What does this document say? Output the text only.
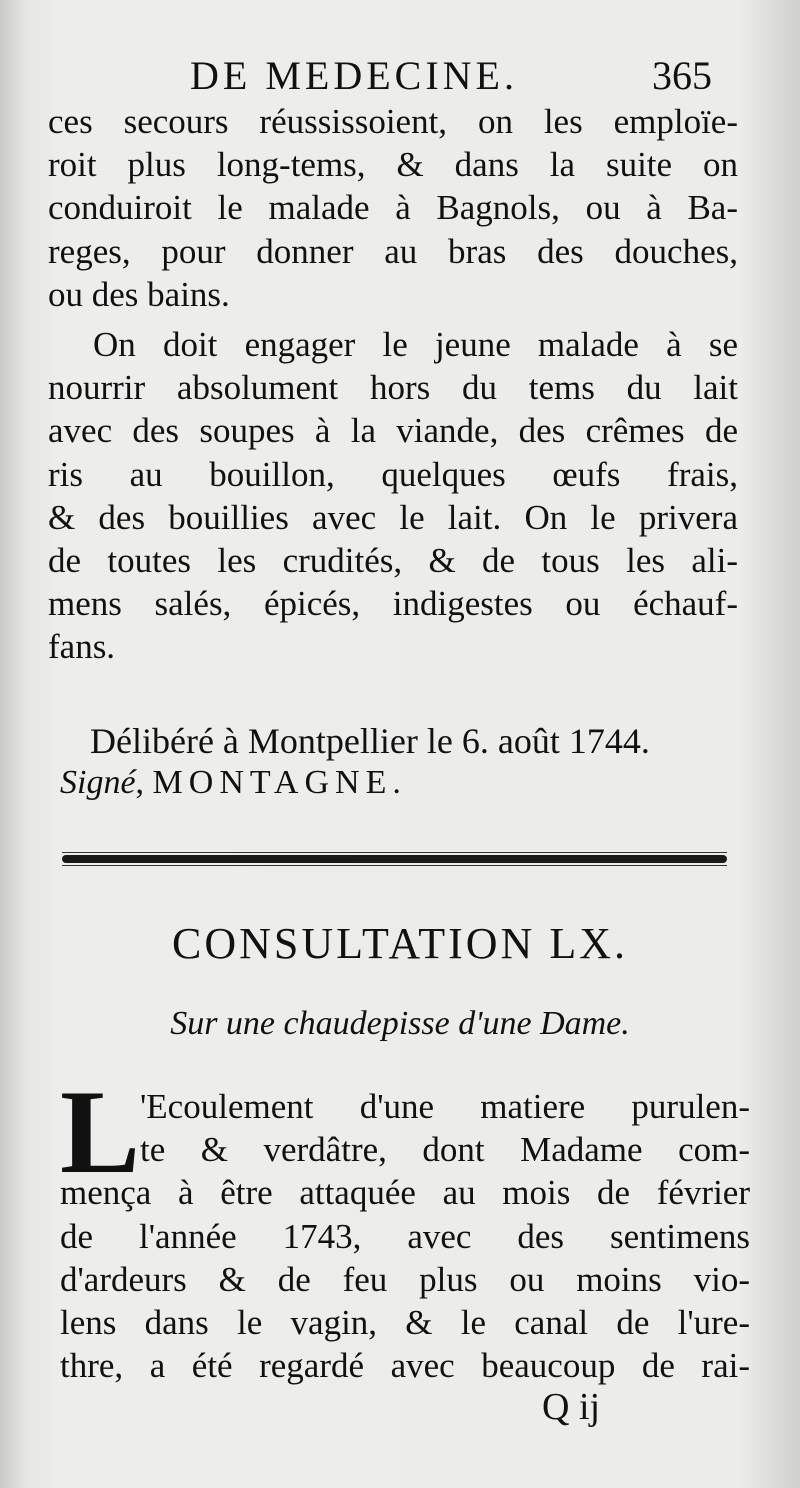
DE MEDECINE.	365
ces secours réussissoient, on les emploïe-
roit plus long-tems, & dans la suite on
conduiroit le malade à Bagnols, ou à Ba-
reges, pour donner au bras des douches,
ou des bains.
On doit engager le jeune malade à se
nourrir absolument hors du tems du lait
avec des soupes à la viande, des crêmes de
ris au bouillon, quelques œufs frais,
& des bouillies avec le lait. On le privera
de toutes les crudités, & de tous les ali-
mens salés, épicés, indigestes ou échauf-
fans.
Délibéré à Montpellier le 6. août 1744.
Signé, MONTAGNE.
CONSULTATION LX.
Sur une chaudepisse d'une Dame.
L 'Ecoulement d'une matiere purulen-
te & verdâtre, dont Madame com-
mença à être attaquée au mois de février
de l'année 1743, avec des sentimens
d'ardeurs & de feu plus ou moins vio-
lens dans le vagin, & le canal de l'ure-
thre, a été regardé avec beaucoup de rai-
Q ij
